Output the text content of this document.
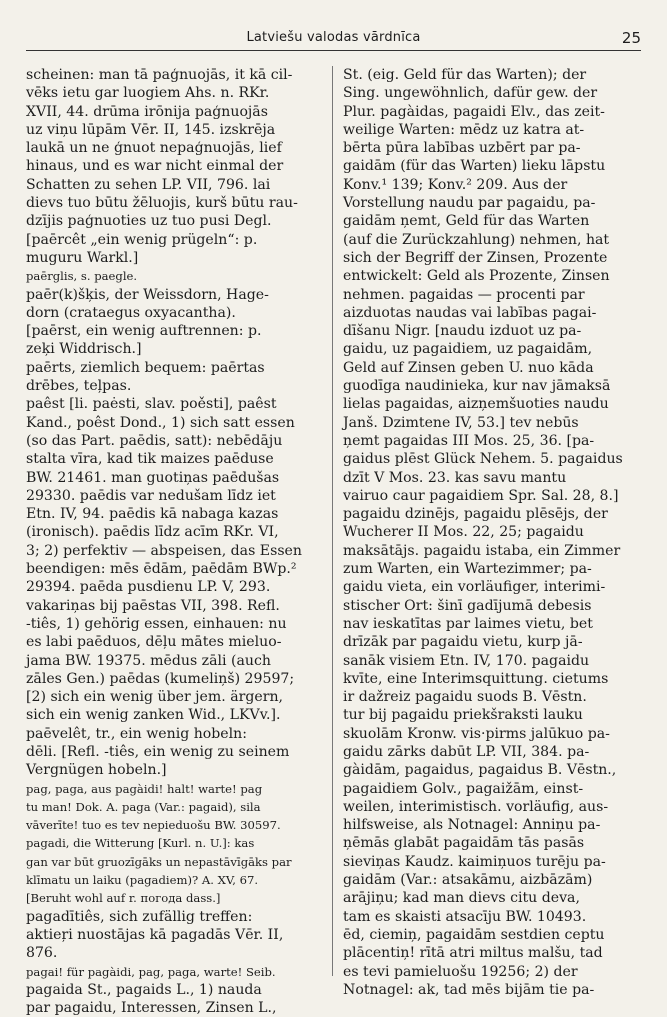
Latviešu valodas vārdnīca	25
scheinen: man tā paģnuojās, it kā cil-
vēks ietu gar luogiem Ahs. n. RKr.
XVII, 44. drūma irōnija paģnuojās
uz viņu lūpām Vēr. II, 145. izskrēja
laukā un ne ģnuot nepaģnuojās, lief
hinaus, und es war nicht einmal der
Schatten zu sehen LP. VII, 796. lai
dievs tuo būtu žēluojis, kurš būtu rau-
dzījis paģnuoties uz tuo pusi Degl.
[paērcêt „ein wenig prügeln“: p.
muguru Warkl.]
paērglis, s. paegle.
paēr(k)šķis, der Weissdorn, Hage-
dorn (crataegus oxyacantha).
[paērst, ein wenig auftrennen: p.
zeķi Widdrisch.]
paērts, ziemlich bequem: paērtas
drēbes, teļpas.
paêst [li. paėsti, slav. poěsti], paêst
Kand., poêst Dond., 1) sich satt essen
(so das Part. paēdis, satt): nebēdāju
stalta vīra, kad tik maizes paēduse
BW. 21461. man guotiņas paēdušas
29330. paēdis var nedušam līdz iet
Etn. IV, 94. paēdis kā nabaga kazas
(ironisch). paēdis līdz acīm RKr. VI,
3; 2) perfektiv — abspeisen, das Essen
beendigen: mēs ēdām, paēdām BWp.²
29394. paēda pusdienu LP. V, 293.
vakariņas bij paēstas VII, 398. Refl.
-tiês, 1) gehörig essen, einhauen: nu
es labi paēduos, dēļu mātes mieluo-
jama BW. 19375. mēdus zāli (auch
zāles Gen.) paēdas (kumeliņš) 29597;
[2) sich ein wenig über jem. ärgern,
sich ein wenig zanken Wid., LKVv.].
paēvelêt, tr., ein wenig hobeln:
dēli. [Refl. -tiês, ein wenig zu seinem
Vergnügen hobeln.]
pag, paga, aus pagàidi! halt! warte! pag
tu man! Dok. A. paga (Var.: pagaid), sila
vāverīte! tuo es tev nepieduošu BW. 30597.
pagadi, die Witterung [Kurl. n. U.]: kas
gan var būt gruozīgāks un nepastāvīgāks par
klīmatu un laiku (pagadiem)? A. XV, 67.
[Beruht wohl auf r. погода dass.]
pagadītiês, sich zufällig treffen:
aktieŗi nuostājas kā pagadās Vēr. II,
876.
pagai! für pagàidi, pag, paga, warte! Seib.
pagaida St., pagaids L., 1) nauda
par pagaidu, Interessen, Zinsen L.,
St. (eig. Geld für das Warten); der
Sing. ungewöhnlich, dafür gew. der
Plur. pagàidas, pagaidi Elv., das zeit-
weilige Warten: mēdz uz katra at-
bērta pūra labības uzbērt par pa-
gaidām (für das Warten) lieku lāpstu
Konv.¹ 139; Konv.² 209. Aus der
Vorstellung naudu par pagaidu, pa-
gaidām ņemt, Geld für das Warten
(auf die Zurückzahlung) nehmen, hat
sich der Begriff der Zinsen, Prozente
entwickelt: Geld als Prozente, Zinsen
nehmen. pagaidas — procenti par
aizduotas naudas vai labības pagai-
dīšanu Nigr. [naudu izduot uz pa-
gaidu, uz pagaidiem, uz pagaidām,
Geld auf Zinsen geben U. nuo kāda
guodīga naudinieka, kur nav jāmaksā
lielas pagaidas, aizņemšuoties naudu
Janš. Dzimtene IV, 53.] tev nebūs
ņemt pagaidas III Mos. 25, 36. [pa-
gaidus plēst Glück Nehem. 5. pagaidus
dzīt V Mos. 23. kas savu mantu
vairuo caur pagaidiem Spr. Sal. 28, 8.]
pagaidu dzinējs, pagaidu plēsējs, der
Wucherer II Mos. 22, 25; pagaidu
maksātājs. pagaidu istaba, ein Zimmer
zum Warten, ein Wartezimmer; pa-
gaidu vieta, ein vorläufiger, interimi-
stischer Ort: šinī gadījumā debesis
nav ieskatītas par laimes vietu, bet
drīzāk par pagaidu vietu, kurp jā-
sanāk visiem Etn. IV, 170. pagaidu
kvīte, eine Interimsquittung. cietums
ir dažreiz pagaidu suods B. Vēstn.
tur bij pagaidu priekšraksti lauku
skuolām Kronw. vis·pirms jalūkuo pa-
gaidu zārks dabūt LP. VII, 384. pa-
gàidām, pagaidus, pagaidus B. Vēstn.,
pagaidiem Golv., pagaižām, einst-
weilen, interimistisch. vorläufig, aus-
hilfsweise, als Notnagel: Anniņu pa-
ņēmās glabāt pagaidām tās pasās
sieviņas Kaudz. kaimiņuos turēju pa-
gaidām (Var.: atsakāmu, aizbāzām)
arājiņu; kad man dievs citu deva,
tam es skaisti atsacīju BW. 10493.
ēd, ciemiņ, pagaidām sestdien ceptu
plācentiņ! rītā atri miltus malšu, tad
es tevi pamieluošu 19256; 2) der
Notnagel: ak, tad mēs bijām tie pa-
